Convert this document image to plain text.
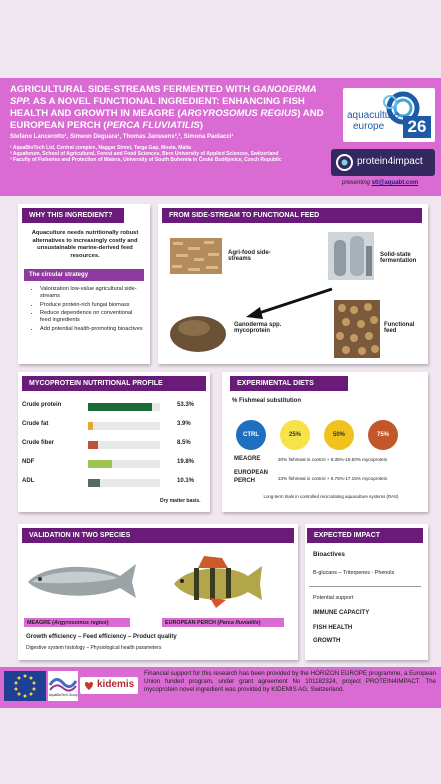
AGRICULTURAL SIDE-STREAMS FERMENTED WITH GANODERMA SPP. AS A NOVEL FUNCTIONAL INGREDIENT: ENHANCING FISH HEALTH AND GROWTH IN MEAGRE (ARGYROSOMUS REGIUS) AND EUROPEAN PERCH (PERCA FLUVIATILIS)
Stefano Lancerotto¹, Simeon Deguara¹, Thomas Janssens²,³, Simona Paolacci¹
¹ AquaBioTech Ltd, Central complex, Naggar Street, Targa Gap, Mosta, Malta
² Aquaforum, School of Agricultural, Forest and Food Sciences, Bern University of Applied Sciences, Switzerland
³ Faculty of Fisheries and Protection of Waters, University of South Bohemia in České Budějovice, Czech Republic
aquaculture
europe 26
protein4impact
presenting stl@aquabt.com
WHY THIS INGREDIENT?
Aquaculture needs nutritionally robust alternatives to increasingly costly and unsustainable marine-derived feed resources.
The circular strategy
• Valorization low-value agricultural side-streams
• Produce protein-rich fungal biomass
• Reduce dependence on conventional feed ingredients
• Add potential health-promoting bioactives
FROM SIDE-STREAM TO FUNCTIONAL FEED
Agri-food side-streams
Solid-state fermentation
Ganoderma spp. mycoprotein
Functional feed
MYCOPROTEIN NUTRITIONAL PROFILE
Crude protein	53.3%
Crude fat	3.9%
Crude fiber	8.5%
NDF	19.8%
ADL	10.1%
Dry matter basis.
EXPERIMENTAL DIETS
% Fishmeal substitution
CTRL	25%	50%	75%
MEAGRE	20% fishmeal in control + 5.35%-15.50% mycoprotein
EUROPEAN PERCH	23% fishmeal in control + 5.75%-17.15% mycoprotein
Long-term trials in controlled recirculating aquaculture systems (RAS)
VALIDATION IN TWO SPECIES
MEAGRE (Argyrosomus regius)	EUROPEAN PERCH (Perca fluviatilis)
Growth efficiency – Feed efficiency – Product quality
Digestive system histology – Physiological health parameters
EXPECTED IMPACT
Bioactives
B-glucans – Triterpenes - Phenols
Potential support
IMMUNE CAPACITY
FISH HEALTH
GROWTH
AquaBioTech Group
kidemis
Financial support for this research has been provided by the HORIZON EUROPE programme, a European Union funded program, under grant agreement No 101182324, project PROTEIN4IMPACT. The mycoprotein novel ingredient was provided by KIDEMIS AG, Switzerland.
